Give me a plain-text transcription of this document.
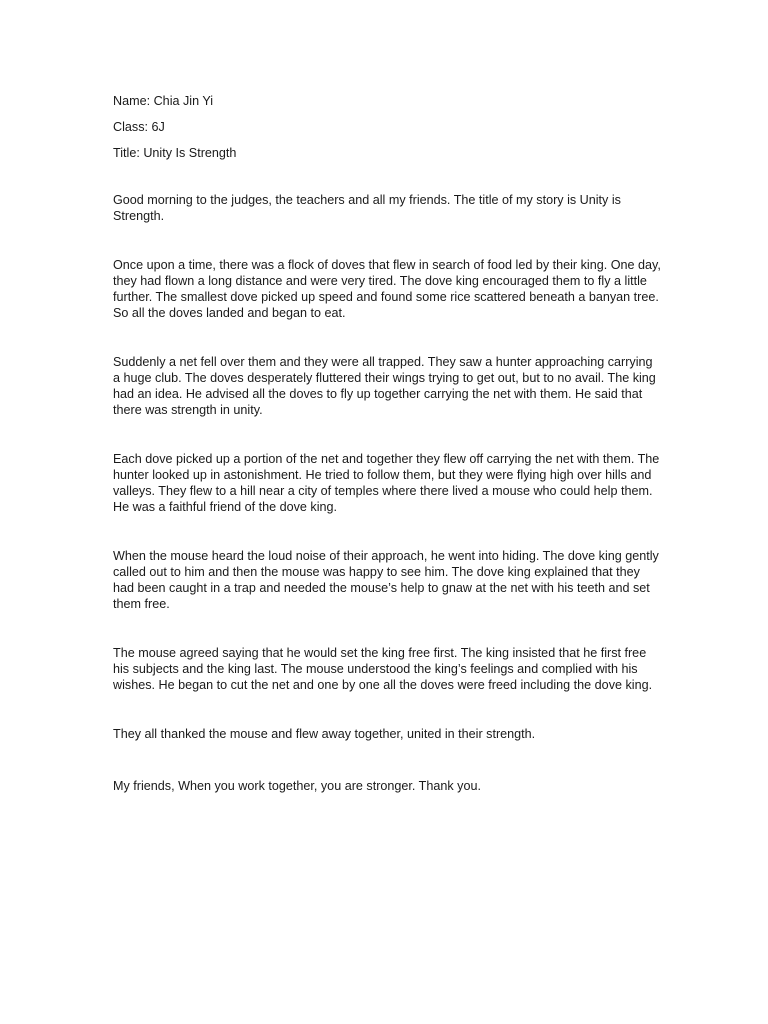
Name: Chia Jin Yi

Class: 6J

Title: Unity Is Strength

Good morning to the judges, the teachers and all my friends. The title of my story is Unity is Strength.

Once upon a time, there was a flock of doves that flew in search of food led by their king. One day, they had flown a long distance and were very tired. The dove king encouraged them to fly a little further. The smallest dove picked up speed and found some rice scattered beneath a banyan tree. So all the doves landed and began to eat.

Suddenly a net fell over them and they were all trapped. They saw a hunter approaching carrying a huge club. The doves desperately fluttered their wings trying to get out, but to no avail. The king had an idea. He advised all the doves to fly up together carrying the net with them. He said that there was strength in unity.

Each dove picked up a portion of the net and together they flew off carrying the net with them. The hunter looked up in astonishment. He tried to follow them, but they were flying high over hills and valleys. They flew to a hill near a city of temples where there lived a mouse who could help them. He was a faithful friend of the dove king.

When the mouse heard the loud noise of their approach, he went into hiding. The dove king gently called out to him and then the mouse was happy to see him. The dove king explained that they had been caught in a trap and needed the mouse’s help to gnaw at the net with his teeth and set them free.

The mouse agreed saying that he would set the king free first. The king insisted that he first free his subjects and the king last. The mouse understood the king’s feelings and complied with his wishes. He began to cut the net and one by one all the doves were freed including the dove king.

They all thanked the mouse and flew away together, united in their strength.

My friends, When you work together, you are stronger. Thank you.
